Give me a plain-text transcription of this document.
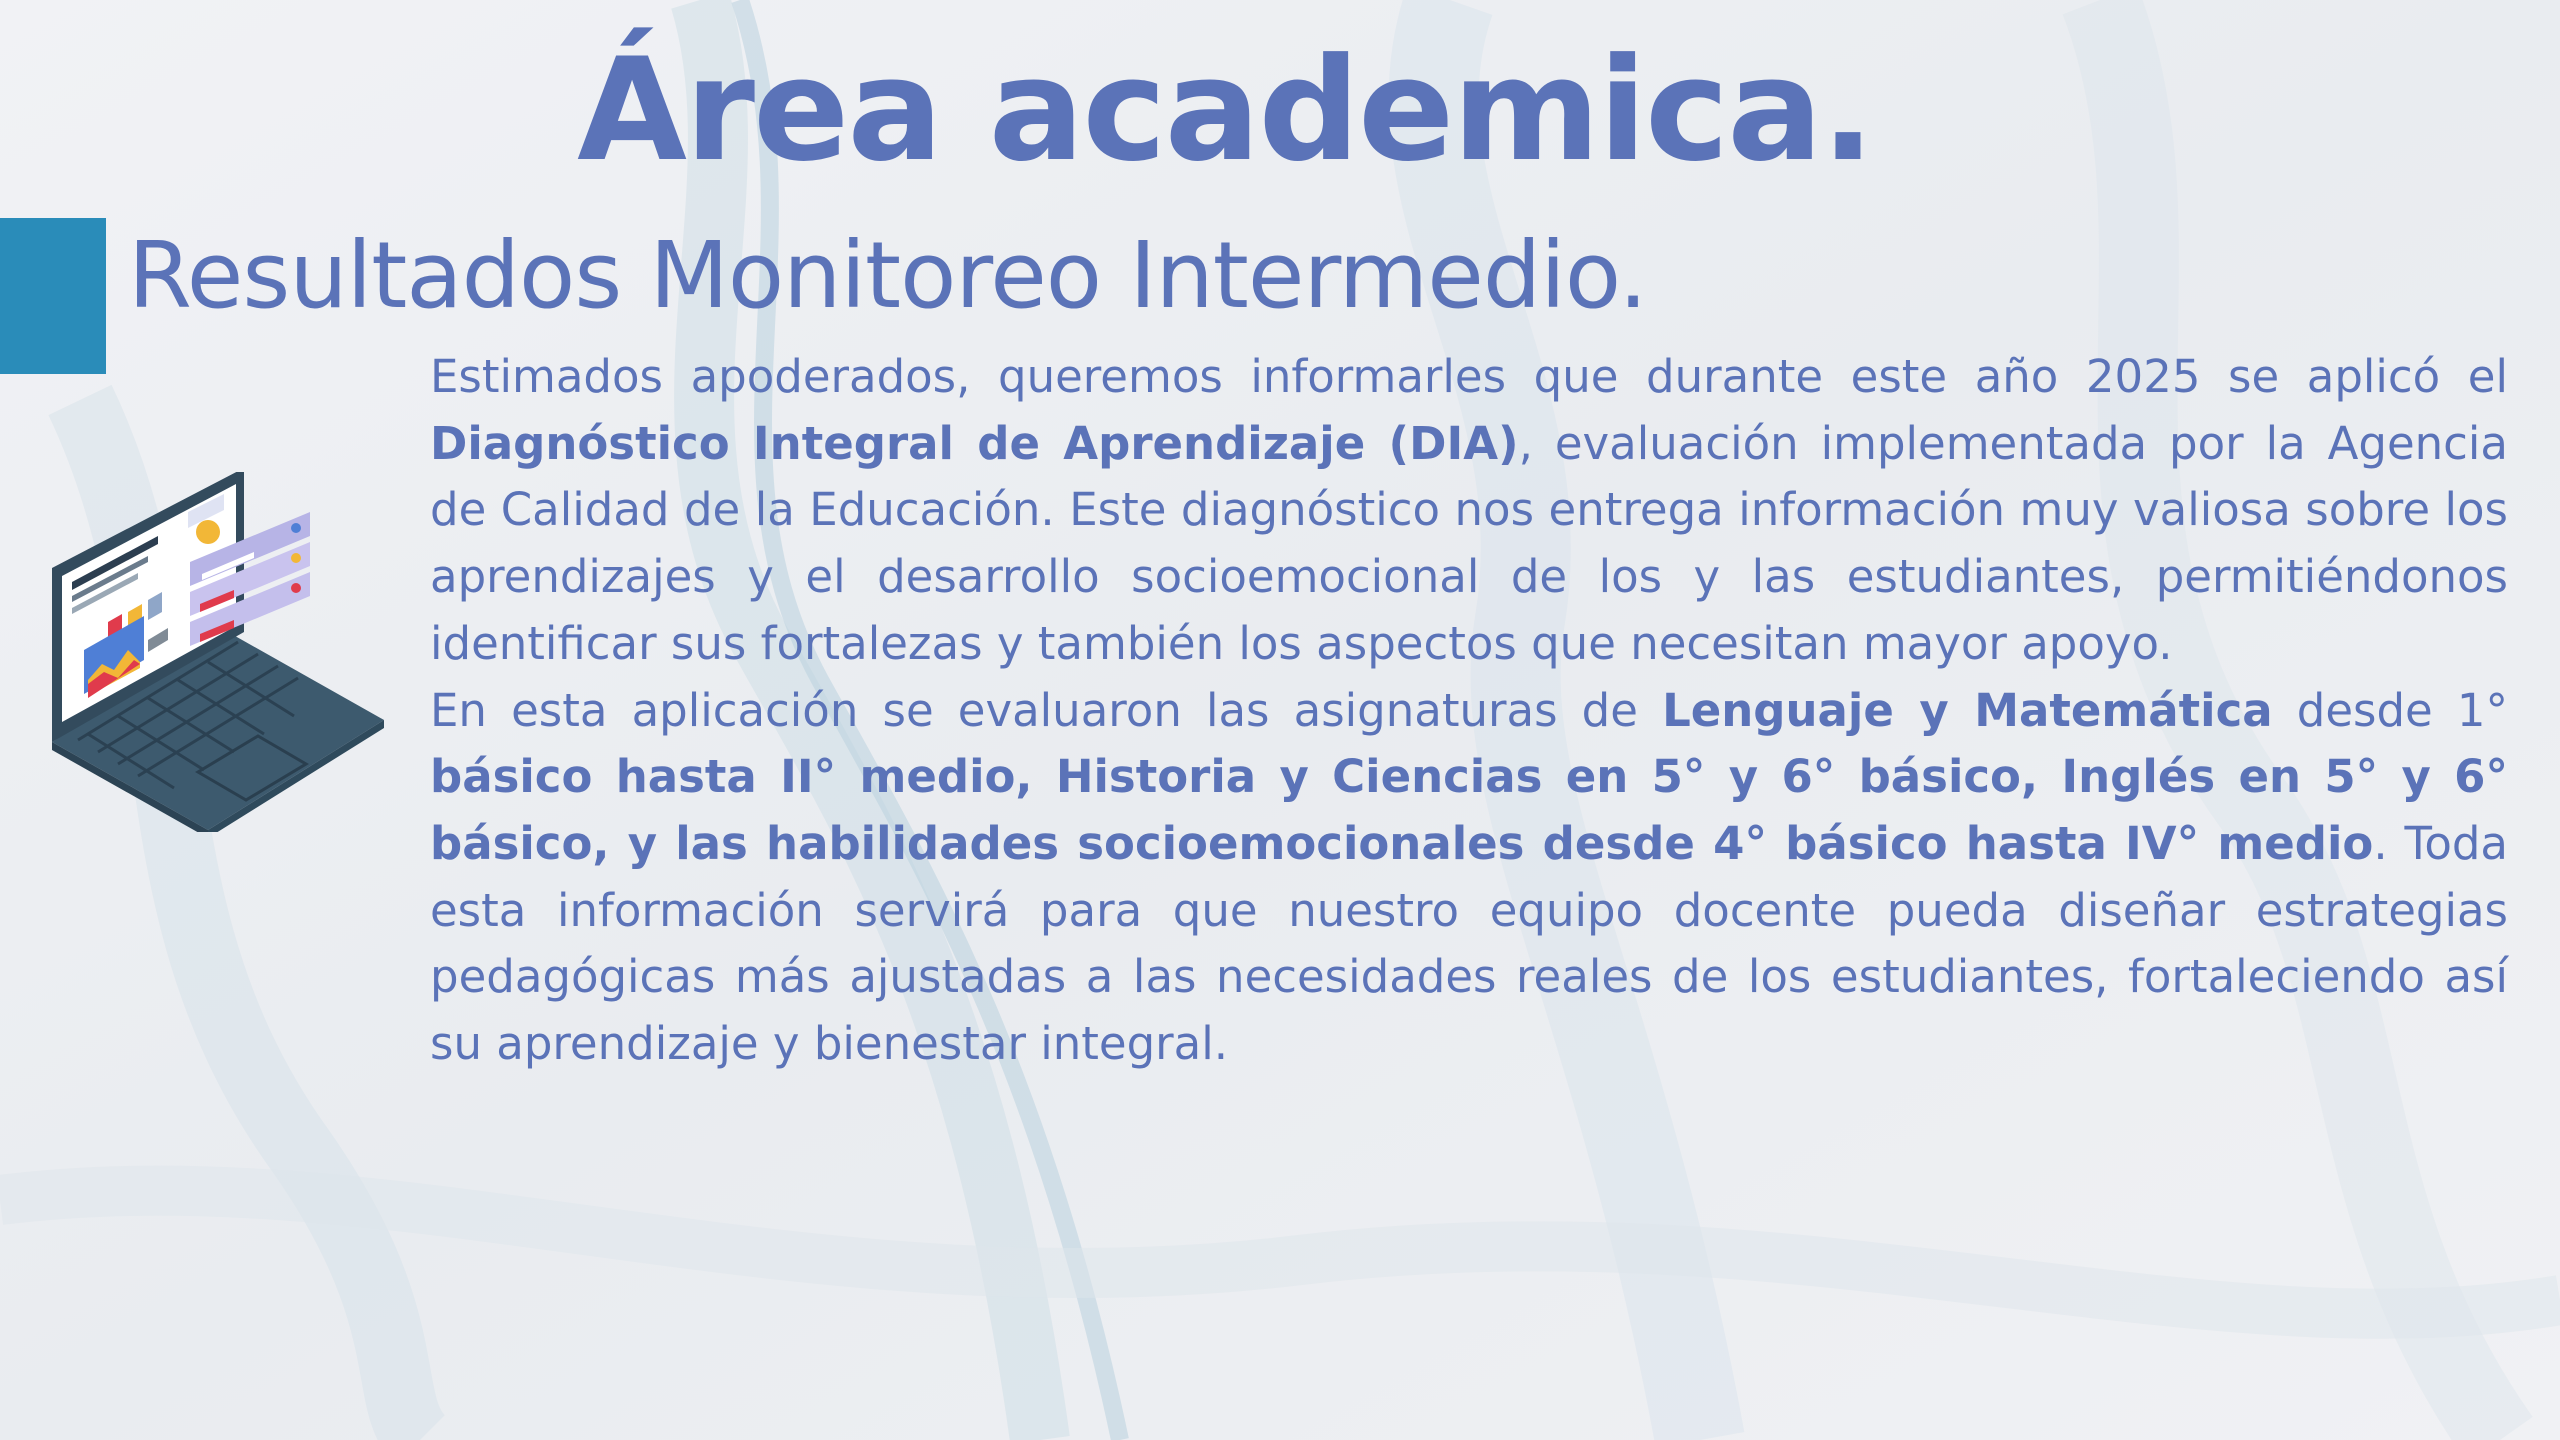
Área academica.
Resultados Monitoreo Intermedio.

Estimados apoderados, queremos informarles que durante este año 2025 se aplicó el Diagnóstico Integral de Aprendizaje (DIA), evaluación implementada por la Agencia de Calidad de la Educación. Este diagnóstico nos entrega información muy valiosa sobre los aprendizajes y el desarrollo socioemocional de los y las estudiantes, permitiéndonos identificar sus fortalezas y también los aspectos que necesitan mayor apoyo.

En esta aplicación se evaluaron las asignaturas de Lenguaje y Matemática desde 1° básico hasta II° medio, Historia y Ciencias en 5° y 6° básico, Inglés en 5° y 6° básico, y las habilidades socioemocionales desde 4° básico hasta IV° medio. Toda esta información servirá para que nuestro equipo docente pueda diseñar estrategias pedagógicas más ajustadas a las necesidades reales de los estudiantes, fortaleciendo así su aprendizaje y bienestar integral.
